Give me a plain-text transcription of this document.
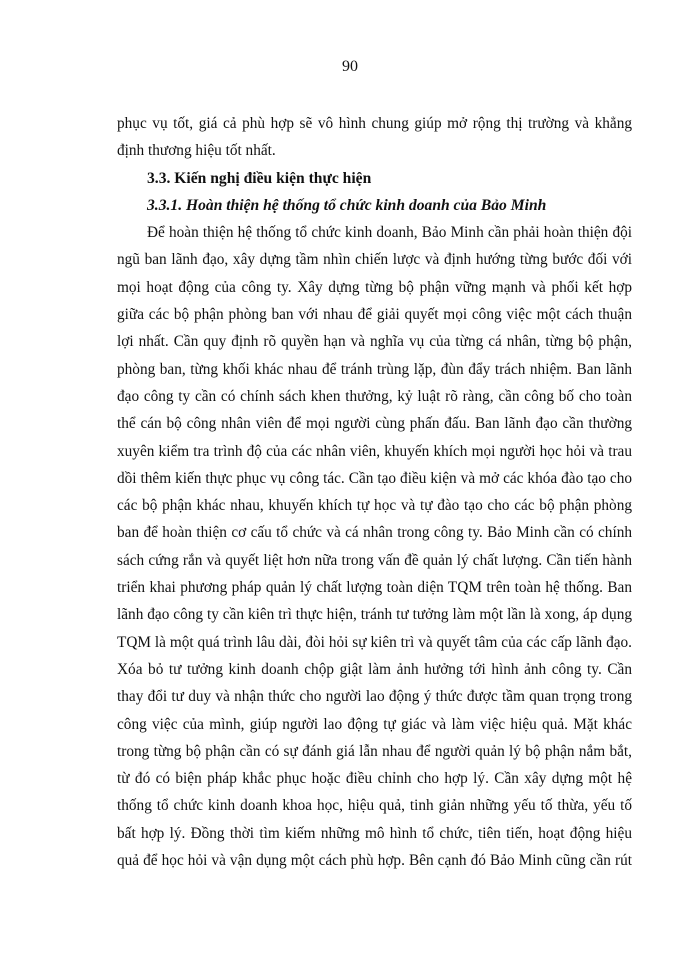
90
phục vụ tốt, giá cả phù hợp sẽ vô hình chung giúp mở rộng thị trường và khẳng
định thương hiệu tốt nhất.
3.3. Kiến nghị điều kiện thực hiện
3.3.1. Hoàn thiện hệ thống tổ chức kinh doanh của Bảo Minh
Để hoàn thiện hệ thống tổ chức kinh doanh, Bảo Minh cần phải hoàn thiện đội
ngũ ban lãnh đạo, xây dựng tầm nhìn chiến lược và định hướng từng bước đối với
mọi hoạt động của công ty. Xây dựng từng bộ phận vững mạnh và phối kết hợp
giữa các bộ phận phòng ban với nhau để giải quyết mọi công việc một cách thuận
lợi nhất. Cần quy định rõ quyền hạn và nghĩa vụ của từng cá nhân, từng bộ phận,
phòng ban, từng khối khác nhau để tránh trùng lặp, đùn đẩy trách nhiệm. Ban lãnh
đạo công ty cần có chính sách khen thưởng, kỷ luật rõ ràng, cần công bố cho toàn
thể cán bộ công nhân viên để mọi người cùng phấn đấu. Ban lãnh đạo cần thường
xuyên kiểm tra trình độ của các nhân viên, khuyến khích mọi người học hỏi và trau
dồi thêm kiến thực phục vụ công tác. Cần tạo điều kiện và mở các khóa đào tạo cho
các bộ phận khác nhau, khuyến khích tự học và tự đào tạo cho các bộ phận phòng
ban để hoàn thiện cơ cấu tổ chức và cá nhân trong công ty. Bảo Minh cần có chính
sách cứng rắn và quyết liệt hơn nữa trong vấn đề quản lý chất lượng. Cần tiến hành
triển khai phương pháp quản lý chất lượng toàn diện TQM trên toàn hệ thống. Ban
lãnh đạo công ty cần kiên trì thực hiện, tránh tư tưởng làm một lần là xong, áp dụng
TQM là một quá trình lâu dài, đòi hỏi sự kiên trì và quyết tâm của các cấp lãnh đạo.
Xóa bỏ tư tưởng kinh doanh chộp giật làm ảnh hưởng tới hình ảnh công ty. Cần
thay đổi tư duy và nhận thức cho người lao động ý thức được tầm quan trọng trong
công việc của mình, giúp người lao động tự giác và làm việc hiệu quả. Mặt khác
trong từng bộ phận cần có sự đánh giá lẫn nhau để người quản lý bộ phận nắm bắt,
từ đó có biện pháp khắc phục hoặc điều chỉnh cho hợp lý. Cần xây dựng một hệ
thống tổ chức kinh doanh khoa học, hiệu quả, tinh giản những yếu tố thừa, yếu tố
bất hợp lý. Đồng thời tìm kiếm những mô hình tổ chức, tiên tiến, hoạt động hiệu
quả để học hỏi và vận dụng một cách phù hợp. Bên cạnh đó Bảo Minh cũng cần rút
